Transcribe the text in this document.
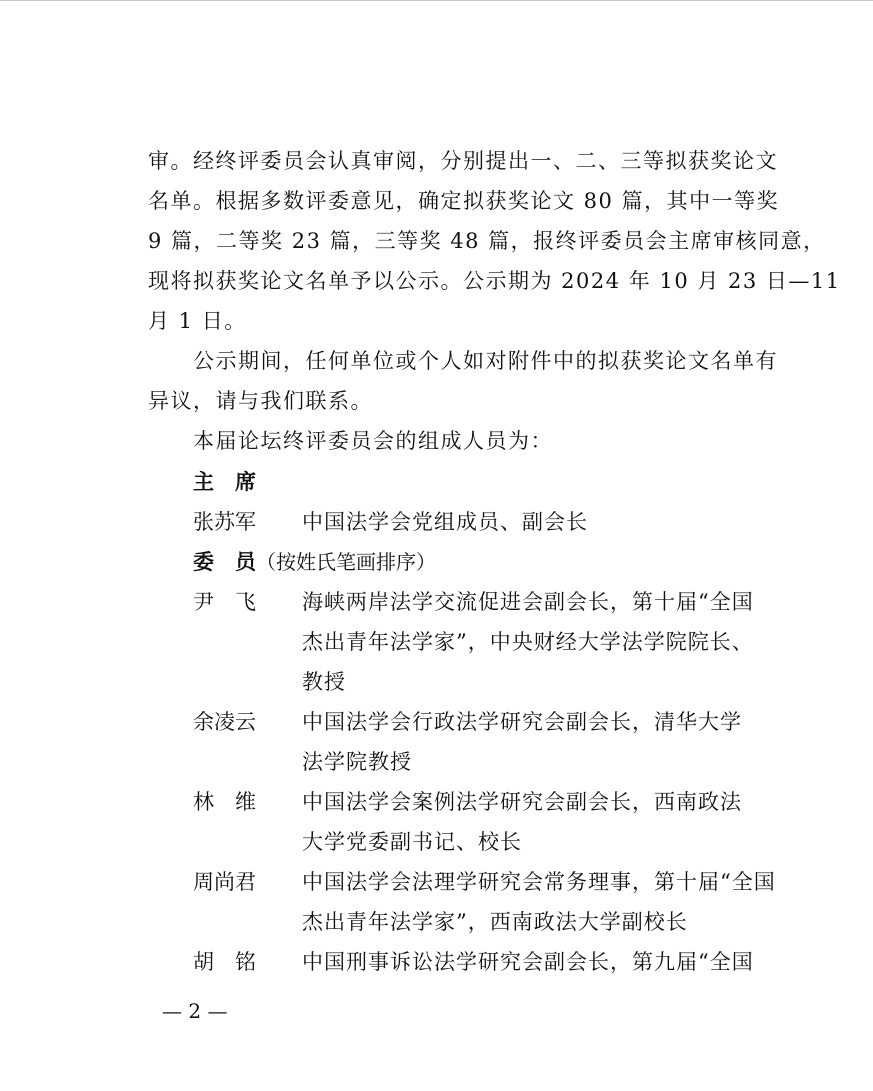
审。经终评委员会认真审阅，分别提出一、二、三等拟获奖论文
名单。根据多数评委意见，确定拟获奖论文 80 篇，其中一等奖
9 篇，二等奖 23 篇，三等奖 48 篇，报终评委员会主席审核同意，
现将拟获奖论文名单予以公示。公示期为 2024 年 10 月 23 日—11
月 1 日。
公示期间，任何单位或个人如对附件中的拟获奖论文名单有
异议，请与我们联系。
本届论坛终评委员会的组成人员为：
主　席
张苏军	中国法学会党组成员、副会长
委　员（按姓氏笔画排序）
尹　飞	海峡两岸法学交流促进会副会长，第十届“全国
杰出青年法学家”，中央财经大学法学院院长、
教授
余凌云	中国法学会行政法学研究会副会长，清华大学
法学院教授
林　维	中国法学会案例法学研究会副会长，西南政法
大学党委副书记、校长
周尚君	中国法学会法理学研究会常务理事，第十届“全国
杰出青年法学家”，西南政法大学副校长
胡　铭	中国刑事诉讼法学研究会副会长，第九届“全国
— 2 —
